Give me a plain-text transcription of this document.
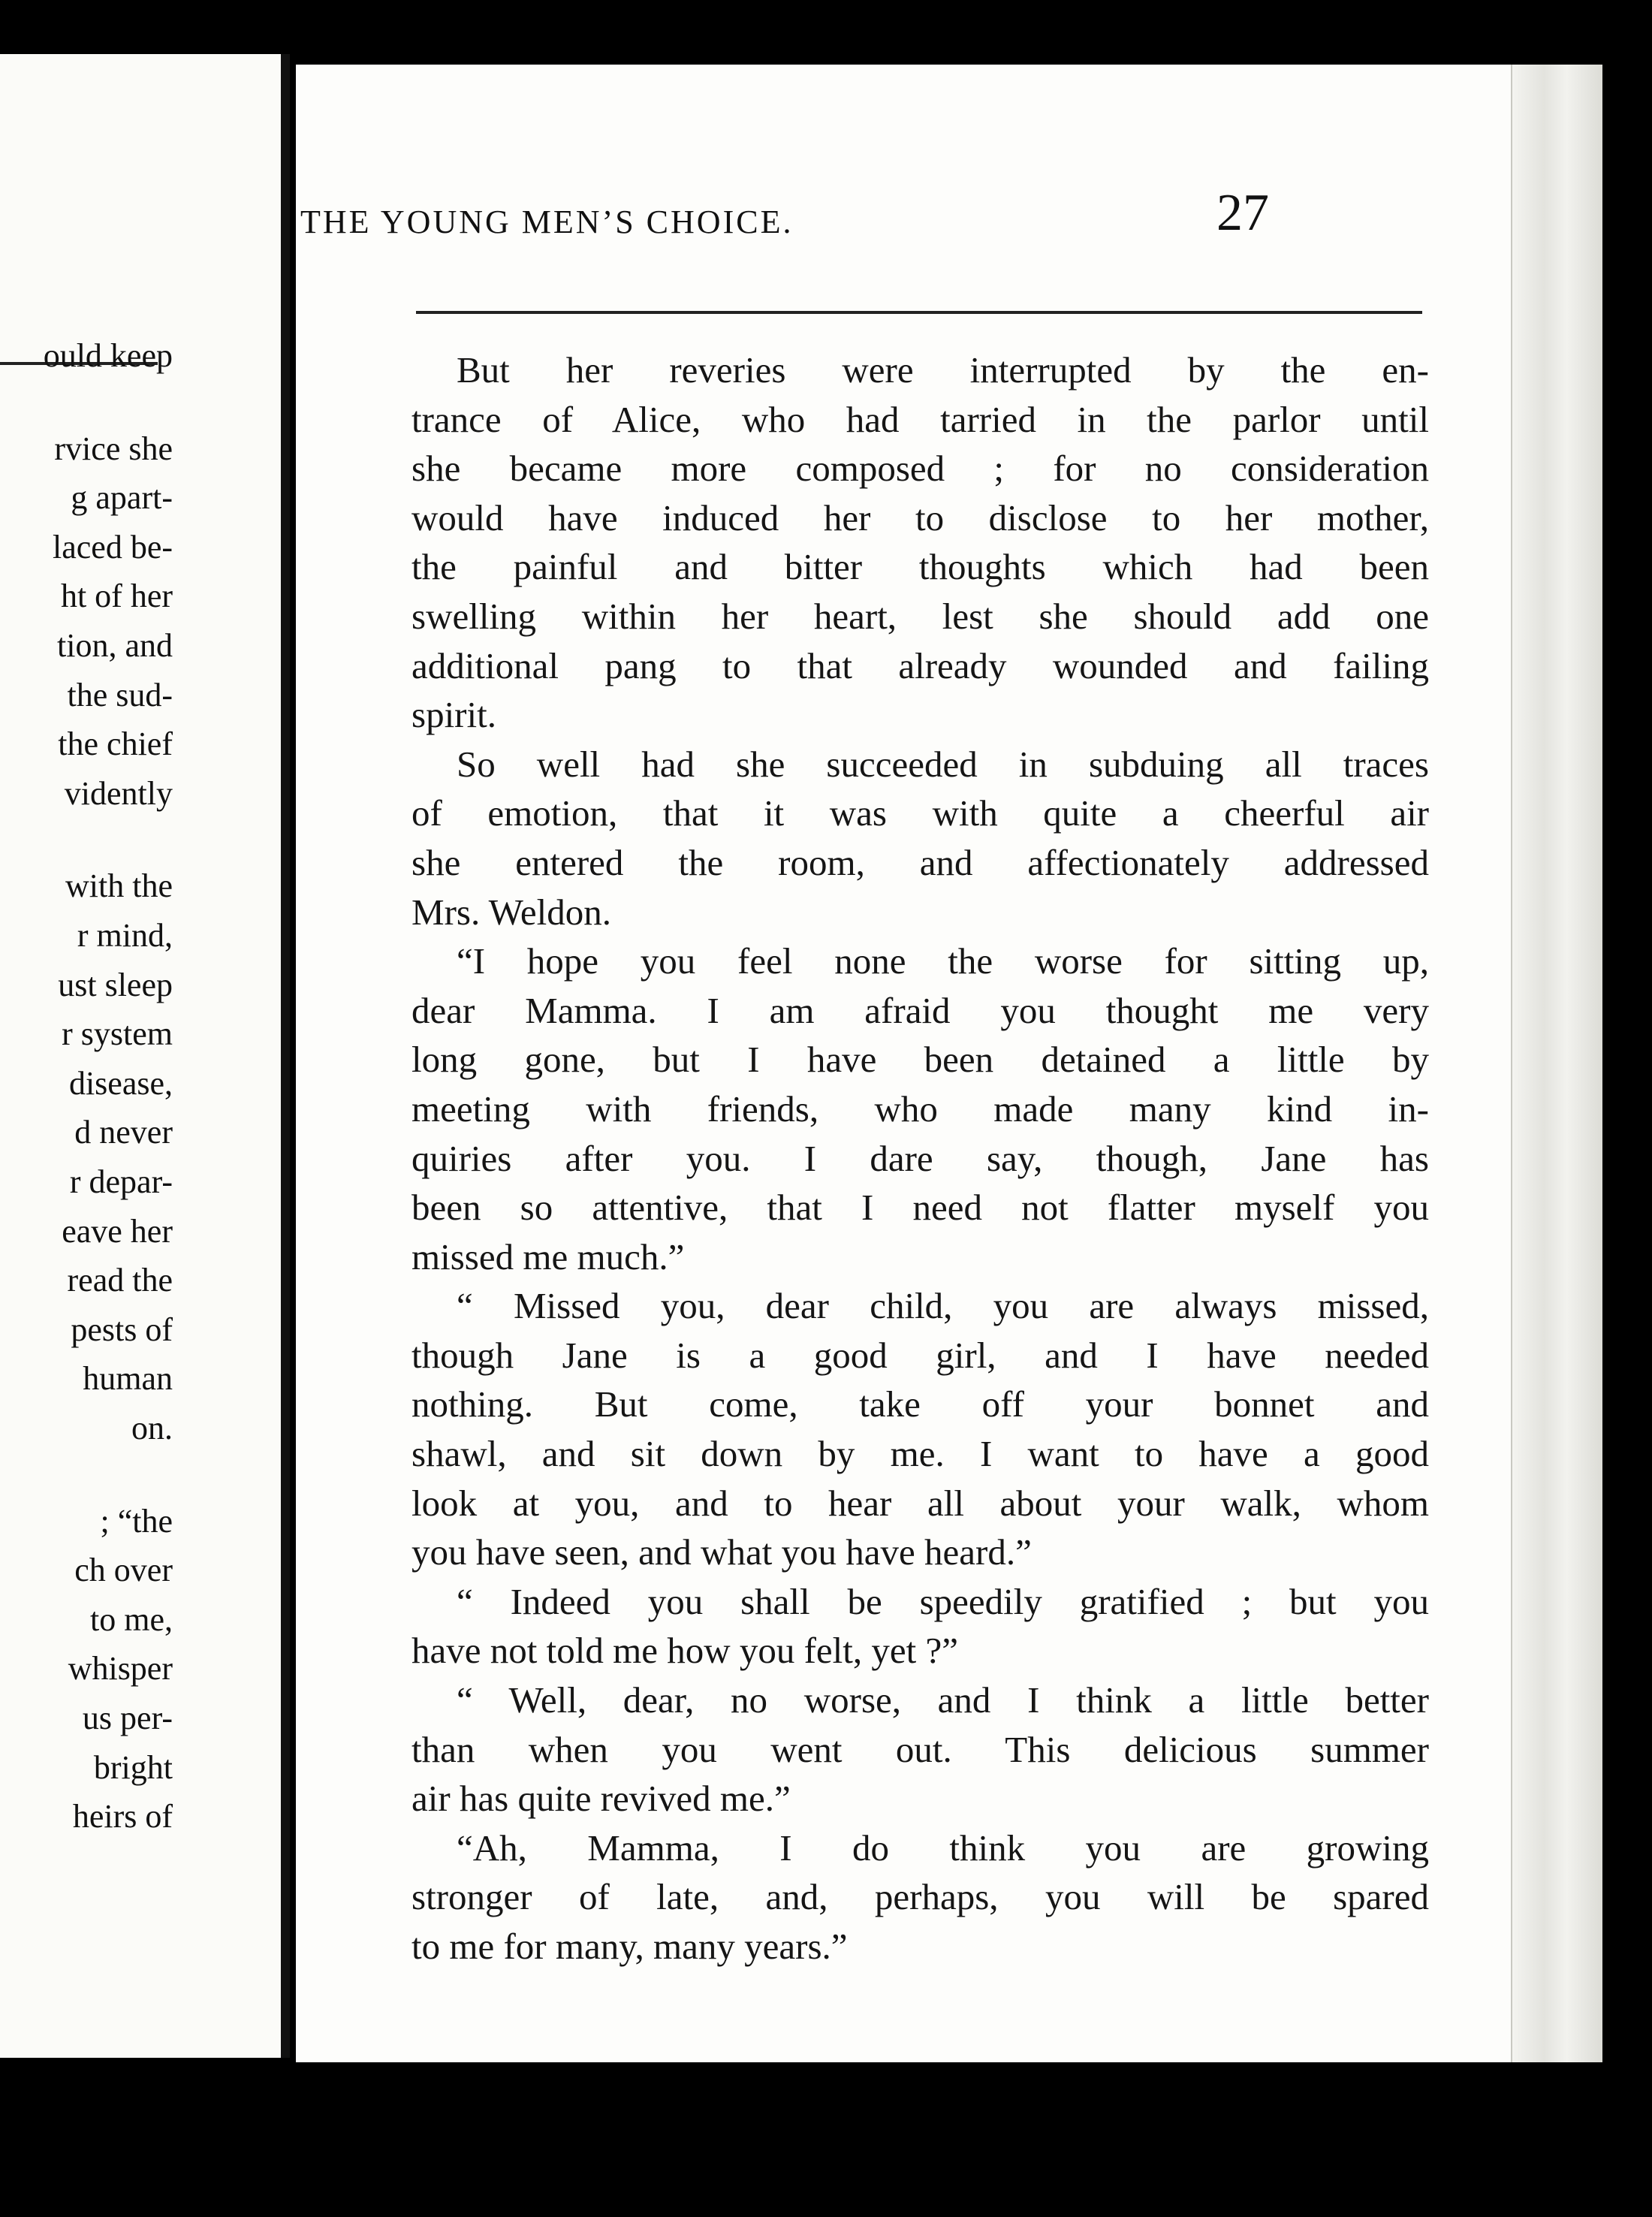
ould keep
rvice she
g apart-
laced be-
ht of her
tion, and
the sud-
the chief
vidently
with the
r mind,
ust sleep
r system
disease,
d never
r depar-
eave her
read the
pests of
human
on.
; “the
ch over
to me,
whisper
us per-
bright
heirs of
THE YOUNG MEN’S CHOICE.	27
But her reveries were interrupted by the en-
trance of Alice, who had tarried in the parlor until
she became more composed ; for no consideration
would have induced her to disclose to her mother,
the painful and bitter thoughts which had been
swelling within her heart, lest she should add one
additional pang to that already wounded and failing
spirit.
So well had she succeeded in subduing all traces
of emotion, that it was with quite a cheerful air
she entered the room, and affectionately addressed
Mrs. Weldon.
“I hope you feel none the worse for sitting up,
dear Mamma. I am afraid you thought me very
long gone, but I have been detained a little by
meeting with friends, who made many kind in-
quiries after you. I dare say, though, Jane has
been so attentive, that I need not flatter myself you
missed me much.”
“ Missed you, dear child, you are always missed,
though Jane is a good girl, and I have needed
nothing. But come, take off your bonnet and
shawl, and sit down by me. I want to have a good
look at you, and to hear all about your walk, whom
you have seen, and what you have heard.”
“ Indeed you shall be speedily gratified ; but you
have not told me how you felt, yet ?”
“ Well, dear, no worse, and I think a little better
than when you went out. This delicious summer
air has quite revived me.”
“Ah, Mamma, I do think you are growing
stronger of late, and, perhaps, you will be spared
to me for many, many years.”
